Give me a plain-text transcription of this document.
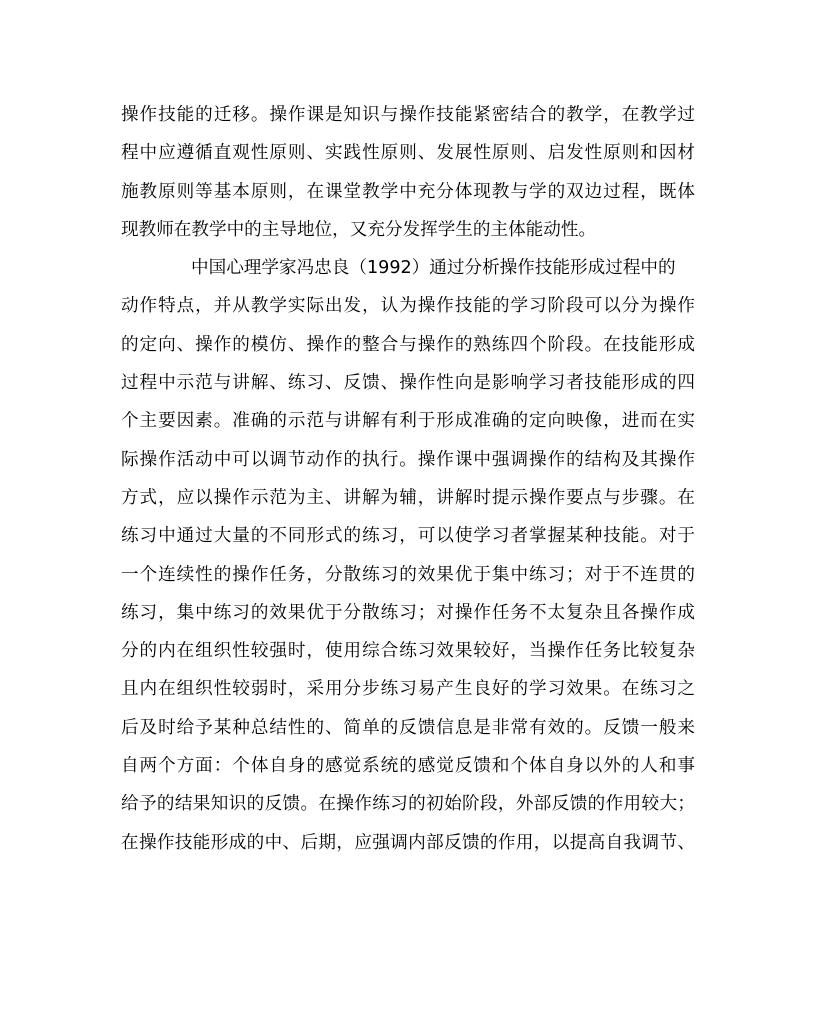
操作技能的迁移。操作课是知识与操作技能紧密结合的教学，在教学过
程中应遵循直观性原则、实践性原则、发展性原则、启发性原则和因材
施教原则等基本原则，在课堂教学中充分体现教与学的双边过程，既体
现教师在教学中的主导地位，又充分发挥学生的主体能动性。
中国心理学家冯忠良（1992）通过分析操作技能形成过程中的
动作特点，并从教学实际出发，认为操作技能的学习阶段可以分为操作
的定向、操作的模仿、操作的整合与操作的熟练四个阶段。在技能形成
过程中示范与讲解、练习、反馈、操作性向是影响学习者技能形成的四
个主要因素。准确的示范与讲解有利于形成准确的定向映像，进而在实
际操作活动中可以调节动作的执行。操作课中强调操作的结构及其操作
方式，应以操作示范为主、讲解为辅，讲解时提示操作要点与步骤。在
练习中通过大量的不同形式的练习，可以使学习者掌握某种技能。对于
一个连续性的操作任务，分散练习的效果优于集中练习；对于不连贯的
练习，集中练习的效果优于分散练习；对操作任务不太复杂且各操作成
分的内在组织性较强时，使用综合练习效果较好，当操作任务比较复杂
且内在组织性较弱时，采用分步练习易产生良好的学习效果。在练习之
后及时给予某种总结性的、简单的反馈信息是非常有效的。反馈一般来
自两个方面：个体自身的感觉系统的感觉反馈和个体自身以外的人和事
给予的结果知识的反馈。在操作练习的初始阶段，外部反馈的作用较大；
在操作技能形成的中、后期，应强调内部反馈的作用，以提高自我调节、
